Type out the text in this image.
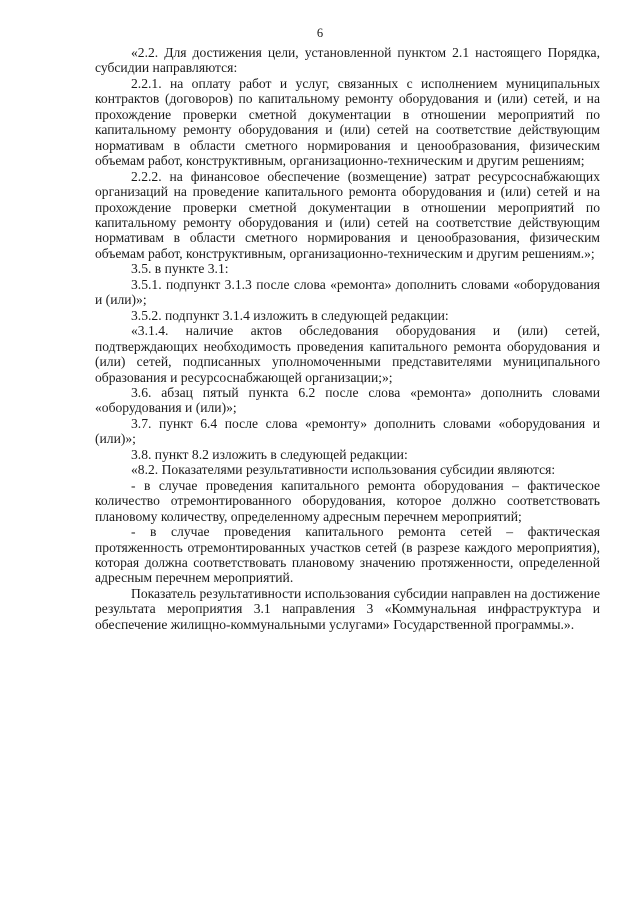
6

«2.2. Для достижения цели, установленной пунктом 2.1 настоящего Порядка, субсидии направляются:

2.2.1. на оплату работ и услуг, связанных с исполнением муниципальных контрактов (договоров) по капитальному ремонту оборудования и (или) сетей, и на прохождение проверки сметной документации в отношении мероприятий по капитальному ремонту оборудования и (или) сетей на соответствие действующим нормативам в области сметного нормирования и ценообразования, физическим объемам работ, конструктивным, организационно-техническим и другим решениям;

2.2.2. на финансовое обеспечение (возмещение) затрат ресурсоснабжающих организаций на проведение капитального ремонта оборудования и (или) сетей и на прохождение проверки сметной документации в отношении мероприятий по капитальному ремонту оборудования и (или) сетей на соответствие действующим нормативам в области сметного нормирования и ценообразования, физическим объемам работ, конструктивным, организационно-техническим и другим решениям.»;

3.5. в пункте 3.1:

3.5.1. подпункт 3.1.3 после слова «ремонта» дополнить словами «оборудования и (или)»;

3.5.2. подпункт 3.1.4 изложить в следующей редакции:

«3.1.4. наличие актов обследования оборудования и (или) сетей, подтверждающих необходимость проведения капитального ремонта оборудования и (или) сетей, подписанных уполномоченными представителями муниципального образования и ресурсоснабжающей организации;»;

3.6. абзац пятый пункта 6.2 после слова «ремонта» дополнить словами «оборудования и (или)»;

3.7. пункт 6.4 после слова «ремонту» дополнить словами «оборудования и (или)»;

3.8. пункт 8.2 изложить в следующей редакции:

«8.2. Показателями результативности использования субсидии являются:

- в случае проведения капитального ремонта оборудования – фактическое количество отремонтированного оборудования, которое должно соответствовать плановому количеству, определенному адресным перечнем мероприятий;

- в случае проведения капитального ремонта сетей – фактическая протяженность отремонтированных участков сетей (в разрезе каждого мероприятия), которая должна соответствовать плановому значению протяженности, определенной адресным перечнем мероприятий.

Показатель результативности использования субсидии направлен на достижение результата мероприятия 3.1 направления 3 «Коммунальная инфраструктура и обеспечение жилищно-коммунальными услугами» Государственной программы.».
